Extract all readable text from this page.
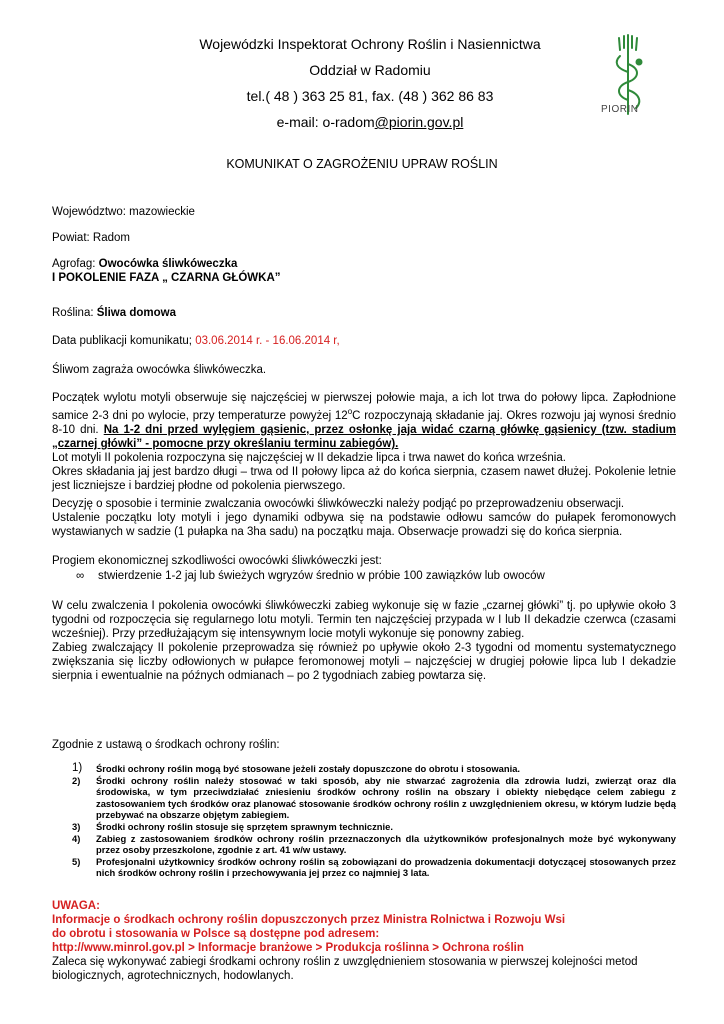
Wojewódzki Inspektorat Ochrony Roślin i Nasiennictwa
Oddział w Radomiu
tel.( 48 ) 363 25 81, fax. (48 ) 362 86 83
e-mail: o-radom@piorin.gov.pl
PIORIN
KOMUNIKAT O ZAGROŻENIU UPRAW ROŚLIN
Województwo: mazowieckie
Powiat: Radom
Agrofag: Owocówka śliwkóweczka
I POKOLENIE FAZA „ CZARNA GŁÓWKA”
Roślina: Śliwa domowa
Data publikacji komunikatu; 03.06.2014 r. - 16.06.2014 r,
Śliwom zagraża owocówka śliwkóweczka.
Początek wylotu motyli obserwuje się najczęściej w pierwszej połowie maja, a ich lot trwa do połowy lipca. Zapłodnione samice 2-3 dni po wylocie, przy temperaturze powyżej 12$^o$C rozpoczynają składanie jaj. Okres rozwoju jaj wynosi średnio 8-10 dni. Na 1-2 dni przed wylęgiem gąsienic, przez osłonkę jaja widać czarną główkę gąsienicy (tzw. stadium „czarnej główki” - pomocne przy określaniu terminu zabiegów).
Lot motyli II pokolenia rozpoczyna się najczęściej w II dekadzie lipca i trwa nawet do końca września.
Okres składania jaj jest bardzo długi – trwa od II połowy lipca aż do końca sierpnia, czasem nawet dłużej. Pokolenie letnie jest liczniejsze i bardziej płodne od pokolenia pierwszego.
Decyzję o sposobie i terminie zwalczania owocówki śliwkóweczki należy podjąć po przeprowadzeniu obserwacji.
Ustalenie początku loty motyli i jego dynamiki odbywa się na podstawie odłowu samców do pułapek feromonowych wystawianych w sadzie (1 pułapka na 3ha sadu) na początku maja. Obserwacje prowadzi się do końca sierpnia.
Progiem ekonomicznej szkodliwości owocówki śliwkóweczki jest:
∞ stwierdzenie 1-2 jaj lub świeżych wgryzów średnio w próbie 100 zawiązków lub owoców
W celu zwalczenia I pokolenia owocówki śliwkóweczki zabieg wykonuje się w fazie „czarnej główki” tj. po upływie około 3 tygodni od rozpoczęcia się regularnego lotu motyli. Termin ten najczęściej przypada w I lub II dekadzie czerwca (czasami wcześniej). Przy przedłużającym się intensywnym locie motyli wykonuje się ponowny zabieg.
Zabieg zwalczający II pokolenie przeprowadza się również po upływie około 2-3 tygodni od momentu systematycznego zwiększania się liczby odłowionych w pułapce feromonowej motyli – najczęściej w drugiej połowie lipca lub I dekadzie sierpnia i ewentualnie na późnych odmianach – po 2 tygodniach zabieg powtarza się.
Zgodnie z ustawą o środkach ochrony roślin:
1) Środki ochrony roślin mogą być stosowane jeżeli zostały dopuszczone do obrotu i stosowania.
2) Środki ochrony roślin należy stosować w taki sposób, aby nie stwarzać zagrożenia dla zdrowia ludzi, zwierząt oraz dla środowiska, w tym przeciwdziałać zniesieniu środków ochrony roślin na obszary i obiekty niebędące celem zabiegu z zastosowaniem tych środków oraz planować stosowanie środków ochrony roślin z uwzględnieniem okresu, w którym ludzie będą przebywać na obszarze objętym zabiegiem.
3) Środki ochrony roślin stosuje się sprzętem sprawnym technicznie.
4) Zabieg z zastosowaniem środków ochrony roślin przeznaczonych dla użytkowników profesjonalnych może być wykonywany przez osoby przeszkolone, zgodnie z art. 41 w/w ustawy.
5) Profesjonalni użytkownicy środków ochrony roślin są zobowiązani do prowadzenia dokumentacji dotyczącej stosowanych przez nich środków ochrony roślin i przechowywania jej przez co najmniej 3 lata.
UWAGA:
Informacje o środkach ochrony roślin dopuszczonych przez Ministra Rolnictwa i Rozwoju Wsi
do obrotu i stosowania w Polsce są dostępne pod adresem:
http://www.minrol.gov.pl > Informacje branżowe > Produkcja roślinna > Ochrona roślin
Zaleca się wykonywać zabiegi środkami ochrony roślin z uwzględnieniem stosowania w pierwszej kolejności metod biologicznych, agrotechnicznych, hodowlanych.
